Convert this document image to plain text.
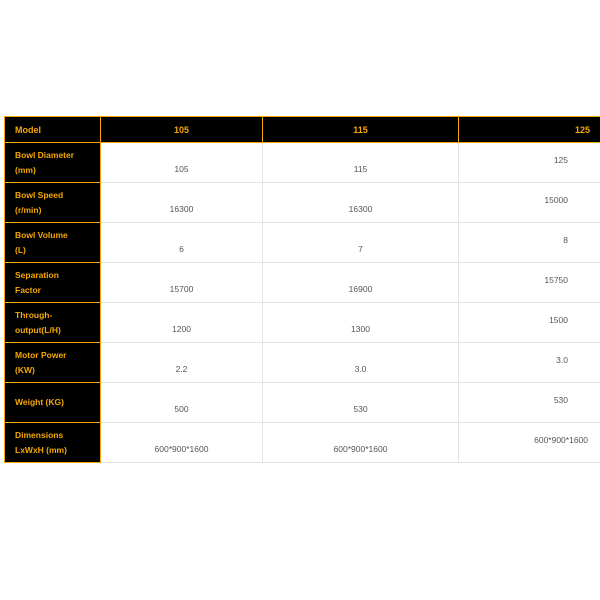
Model	105	115	125
Bowl Diameter
(mm)	105	115	125
Bowl Speed
(r/min)	16300	16300	15000
Bowl Volume
(L)	6	7	8
Separation
Factor	15700	16900	15750
Through-
output(L/H)	1200	1300	1500
Motor Power
(KW)	2.2	3.0	3.0
Weight (KG)	500	530	530
Dimensions
LxWxH (mm)	600*900*1600	600*900*1600	600*900*1600
